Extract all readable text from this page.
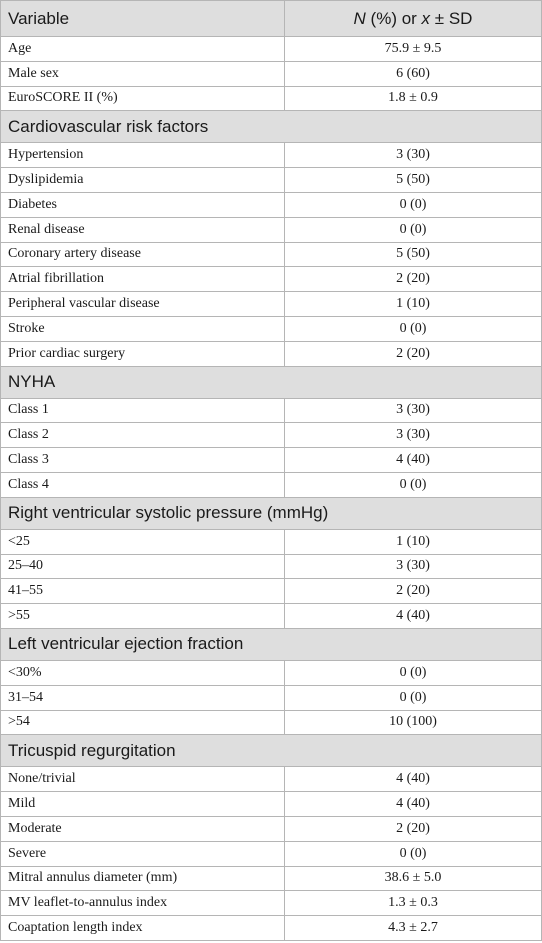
Variable	N (%) or x ± SD
Age	75.9 ± 9.5
Male sex	6 (60)
EuroSCORE II (%)	1.8 ± 0.9
Cardiovascular risk factors	
Hypertension	3 (30)
Dyslipidemia	5 (50)
Diabetes	0 (0)
Renal disease	0 (0)
Coronary artery disease	5 (50)
Atrial fibrillation	2 (20)
Peripheral vascular disease	1 (10)
Stroke	0 (0)
Prior cardiac surgery	2 (20)
NYHA	
Class 1	3 (30)
Class 2	3 (30)
Class 3	4 (40)
Class 4	0 (0)
Right ventricular systolic pressure (mmHg)	
<25	1 (10)
25–40	3 (30)
41–55	2 (20)
>55	4 (40)
Left ventricular ejection fraction	
<30%	0 (0)
31–54	0 (0)
>54	10 (100)
Tricuspid regurgitation	
None/trivial	4 (40)
Mild	4 (40)
Moderate	2 (20)
Severe	0 (0)
Mitral annulus diameter (mm)	38.6 ± 5.0
MV leaflet-to-annulus index	1.3 ± 0.3
Coaptation length index	4.3 ± 2.7
